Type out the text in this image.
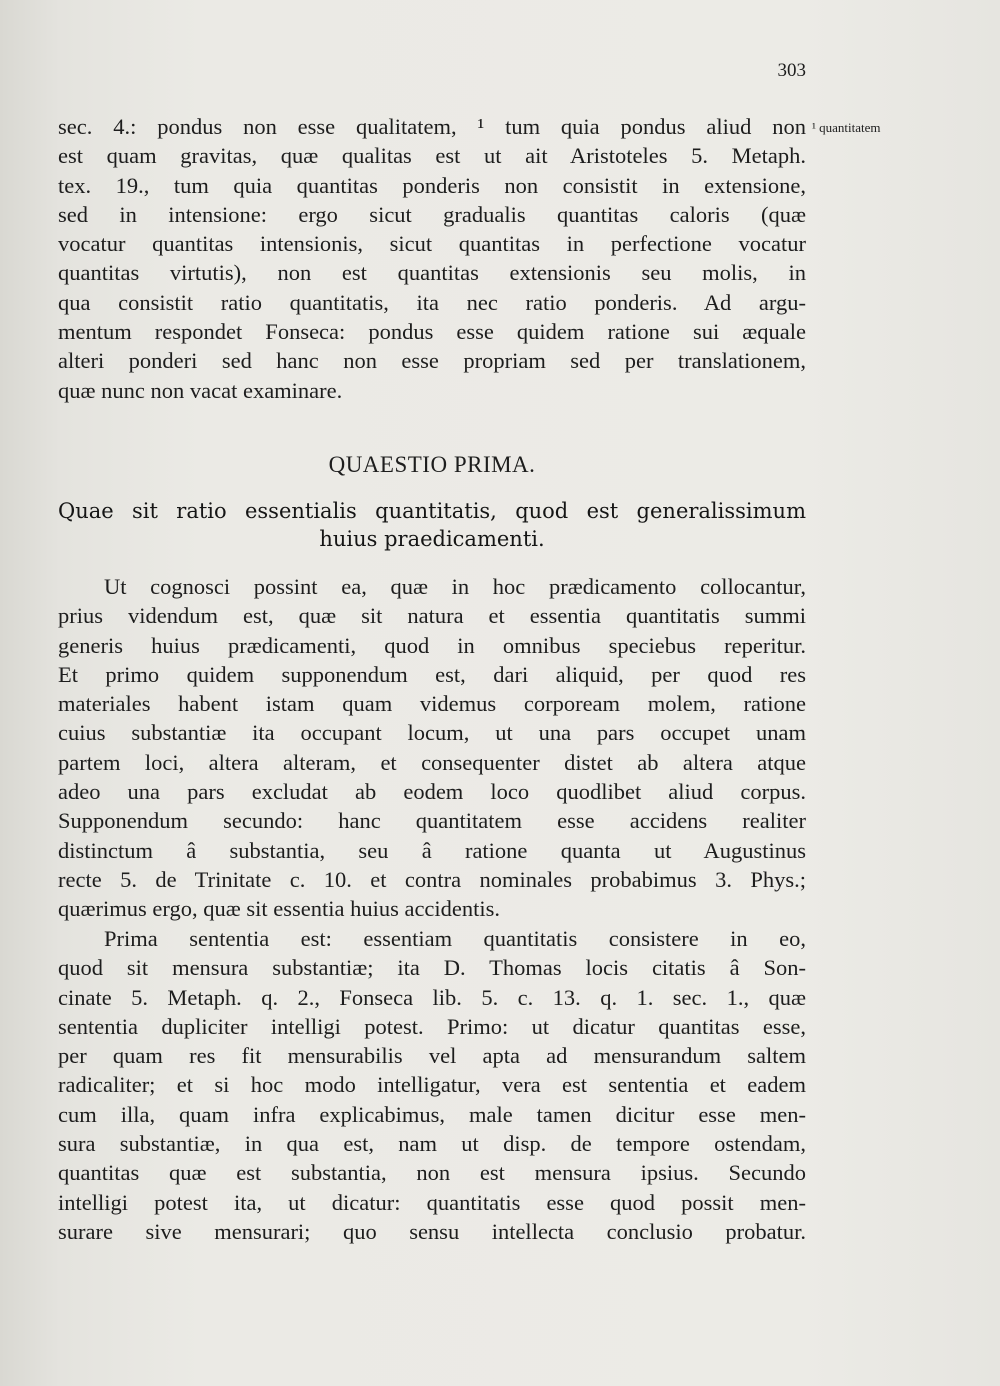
303
¹ quantitatem
sec. 4.: pondus non esse qualitatem, ¹ tum quia pondus aliud non
est quam gravitas, quæ qualitas est ut ait Aristoteles 5. Metaph.
tex. 19., tum quia quantitas ponderis non consistit in extensione,
sed in intensione: ergo sicut gradualis quantitas caloris (quæ
vocatur quantitas intensionis, sicut quantitas in perfectione vocatur
quantitas virtutis), non est quantitas extensionis seu molis, in
qua consistit ratio quantitatis, ita nec ratio ponderis. Ad argu-
mentum respondet Fonseca: pondus esse quidem ratione sui æquale
alteri ponderi sed hanc non esse propriam sed per translationem,
quæ nunc non vacat examinare.
QUAESTIO PRIMA.
Quae sit ratio essentialis quantitatis, quod est generalissimum
huius praedicamenti.
Ut cognosci possint ea, quæ in hoc prædicamento collocantur,
prius videndum est, quæ sit natura et essentia quantitatis summi
generis huius prædicamenti, quod in omnibus speciebus reperitur.
Et primo quidem supponendum est, dari aliquid, per quod res
materiales habent istam quam videmus corpoream molem, ratione
cuius substantiæ ita occupant locum, ut una pars occupet unam
partem loci, altera alteram, et consequenter distet ab altera atque
adeo una pars excludat ab eodem loco quodlibet aliud corpus.
Supponendum secundo: hanc quantitatem esse accidens realiter
distinctum â substantia, seu â ratione quanta ut Augustinus
recte 5. de Trinitate c. 10. et contra nominales probabimus 3. Phys.;
quærimus ergo, quæ sit essentia huius accidentis.
Prima sententia est: essentiam quantitatis consistere in eo,
quod sit mensura substantiæ; ita D. Thomas locis citatis â Son-
cinate 5. Metaph. q. 2., Fonseca lib. 5. c. 13. q. 1. sec. 1., quæ
sententia dupliciter intelligi potest. Primo: ut dicatur quantitas esse,
per quam res fit mensurabilis vel apta ad mensurandum saltem
radicaliter; et si hoc modo intelligatur, vera est sententia et eadem
cum illa, quam infra explicabimus, male tamen dicitur esse men-
sura substantiæ, in qua est, nam ut disp. de tempore ostendam,
quantitas quæ est substantia, non est mensura ipsius. Secundo
intelligi potest ita, ut dicatur: quantitatis esse quod possit men-
surare sive mensurari; quo sensu intellecta conclusio probatur.
